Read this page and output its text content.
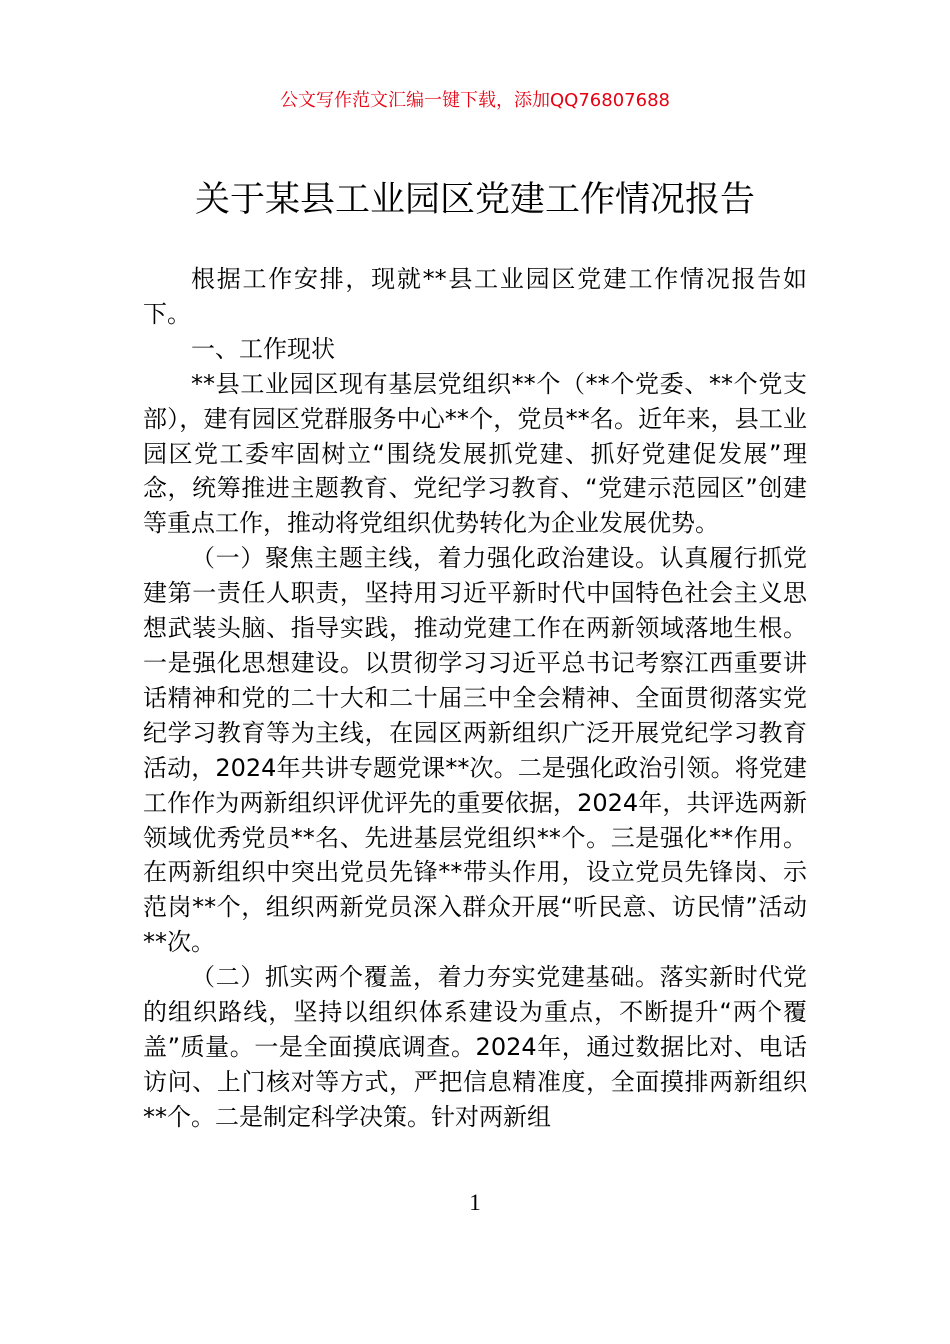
公文写作范文汇编一键下载，添加QQ76807688
关于某县工业园区党建工作情况报告

根据工作安排，现就**县工业园区党建工作情况报告如下。

一、工作现状

**县工业园区现有基层党组织**个（**个党委、**个党支部），建有园区党群服务中心**个，党员**名。近年来，县工业园区党工委牢固树立“围绕发展抓党建、抓好党建促发展”理念，统筹推进主题教育、党纪学习教育、“党建示范园区”创建等重点工作，推动将党组织优势转化为企业发展优势。

（一）聚焦主题主线，着力强化政治建设。认真履行抓党建第一责任人职责，坚持用习近平新时代中国特色社会主义思想武装头脑、指导实践，推动党建工作在两新领域落地生根。一是强化思想建设。以贯彻学习习近平总书记考察江西重要讲话精神和党的二十大和二十届三中全会精神、全面贯彻落实党纪学习教育等为主线，在园区两新组织广泛开展党纪学习教育活动，2024年共讲专题党课**次。二是强化政治引领。将党建工作作为两新组织评优评先的重要依据，2024年，共评选两新领域优秀党员**名、先进基层党组织**个。三是强化**作用。在两新组织中突出党员先锋**带头作用，设立党员先锋岗、示范岗**个，组织两新党员深入群众开展“听民意、访民情”活动**次。

（二）抓实两个覆盖，着力夯实党建基础。落实新时代党的组织路线，坚持以组织体系建设为重点，不断提升“两个覆盖”质量。一是全面摸底调查。2024年，通过数据比对、电话访问、上门核对等方式，严把信息精准度，全面摸排两新组织**个。二是制定科学决策。针对两新组

1
